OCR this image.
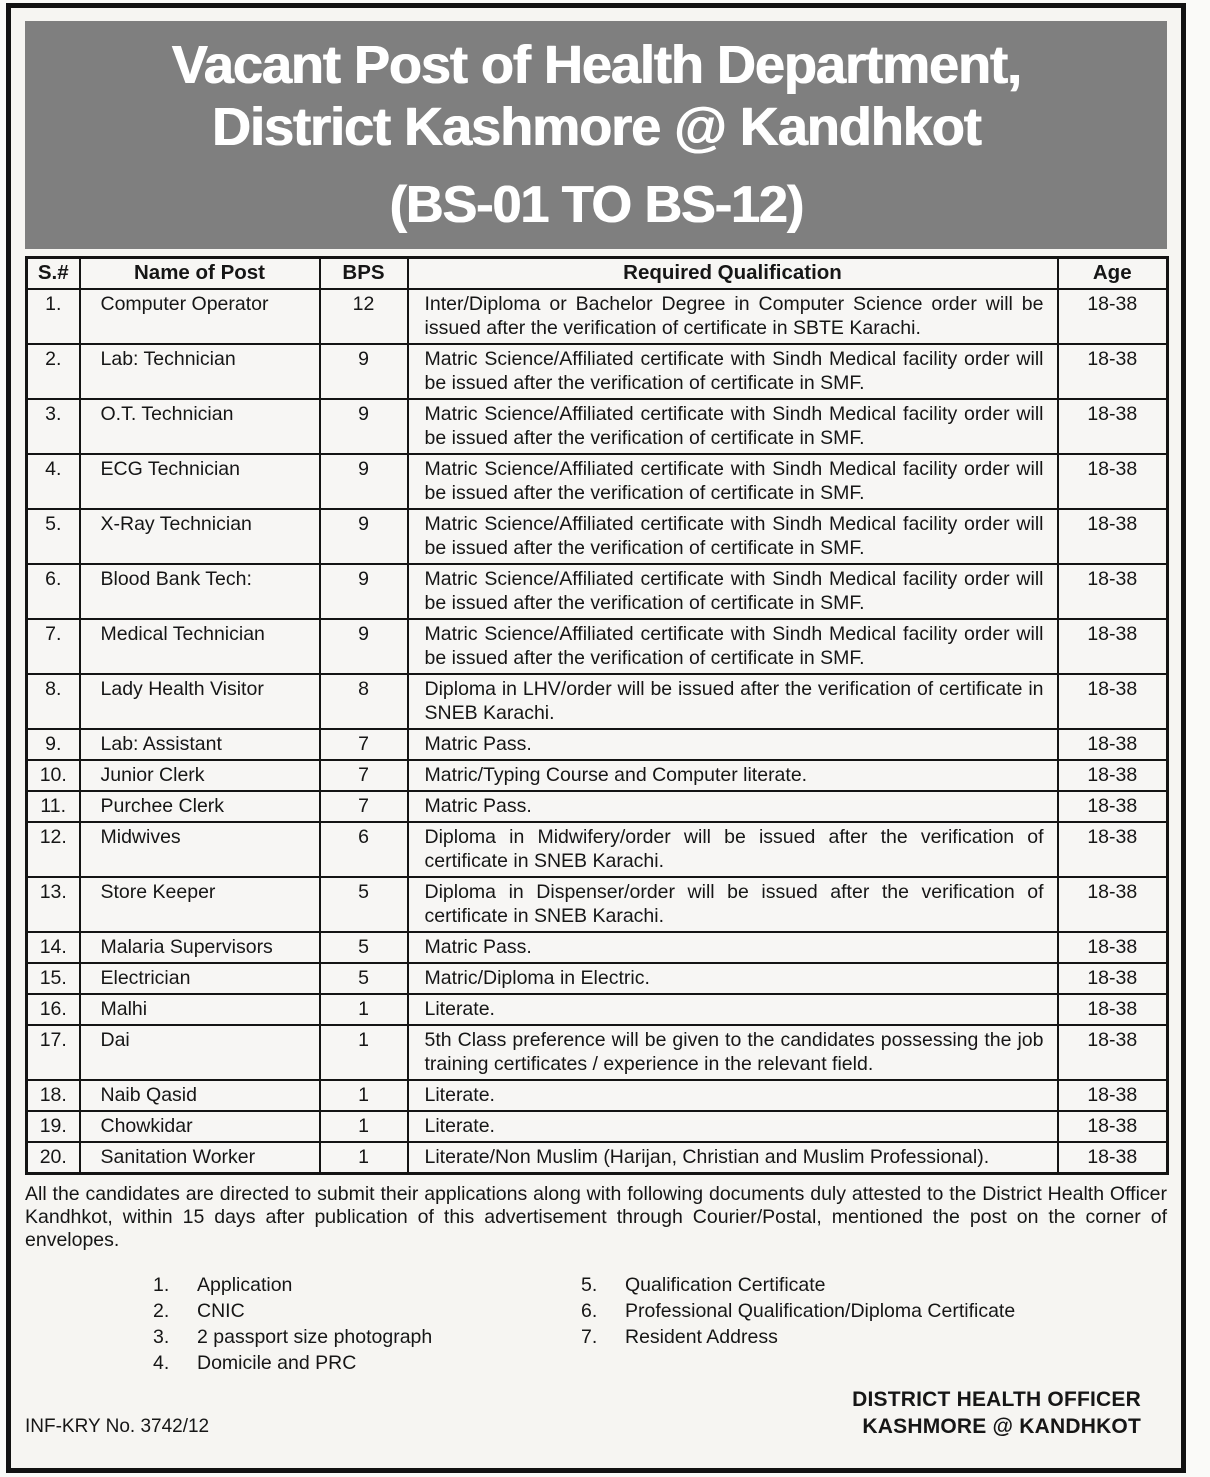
Vacant Post of Health Department,
District Kashmore @ Kandhkot
(BS-01 TO BS-12)
S.#	Name of Post	BPS	Required Qualification	Age
1.	Computer Operator	12	Inter/Diploma or Bachelor Degree in Computer Science order will be issued after the verification of certificate in SBTE Karachi.	18-38
2.	Lab: Technician	9	Matric Science/Affiliated certificate with Sindh Medical facility order will be issued after the verification of certificate in SMF.	18-38
3.	O.T. Technician	9	Matric Science/Affiliated certificate with Sindh Medical facility order will be issued after the verification of certificate in SMF.	18-38
4.	ECG Technician	9	Matric Science/Affiliated certificate with Sindh Medical facility order will be issued after the verification of certificate in SMF.	18-38
5.	X-Ray Technician	9	Matric Science/Affiliated certificate with Sindh Medical facility order will be issued after the verification of certificate in SMF.	18-38
6.	Blood Bank Tech:	9	Matric Science/Affiliated certificate with Sindh Medical facility order will be issued after the verification of certificate in SMF.	18-38
7.	Medical Technician	9	Matric Science/Affiliated certificate with Sindh Medical facility order will be issued after the verification of certificate in SMF.	18-38
8.	Lady Health Visitor	8	Diploma in LHV/order will be issued after the verification of certificate in SNEB Karachi.	18-38
9.	Lab: Assistant	7	Matric Pass.	18-38
10.	Junior Clerk	7	Matric/Typing Course and Computer literate.	18-38
11.	Purchee Clerk	7	Matric Pass.	18-38
12.	Midwives	6	Diploma in Midwifery/order will be issued after the verification of certificate in SNEB Karachi.	18-38
13.	Store Keeper	5	Diploma in Dispenser/order will be issued after the verification of certificate in SNEB Karachi.	18-38
14.	Malaria Supervisors	5	Matric Pass.	18-38
15.	Electrician	5	Matric/Diploma in Electric.	18-38
16.	Malhi	1	Literate.	18-38
17.	Dai	1	5th Class preference will be given to the candidates possessing the job training certificates / experience in the relevant field.	18-38
18.	Naib Qasid	1	Literate.	18-38
19.	Chowkidar	1	Literate.	18-38
20.	Sanitation Worker	1	Literate/Non Muslim (Harijan, Christian and Muslim Professional).	18-38

All the candidates are directed to submit their applications along with following documents duly attested to the District Health Officer Kandhkot, within 15 days after publication of this advertisement through Courier/Postal, mentioned the post on the corner of envelopes.

1.	Application
2.	CNIC
3.	2 passport size photograph
4.	Domicile and PRC
5.	Qualification Certificate
6.	Professional Qualification/Diploma Certificate
7.	Resident Address
INF-KRY No. 3742/12
DISTRICT HEALTH OFFICER
KASHMORE @ KANDHKOT
